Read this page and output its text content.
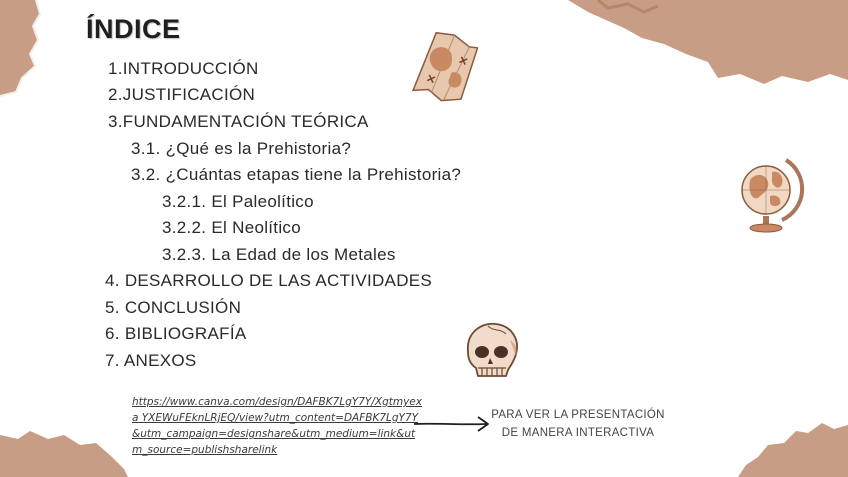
ÍNDICE
1.INTRODUCCIÓN
2.JUSTIFICACIÓN
3.FUNDAMENTACIÓN TEÓRICA
3.1. ¿Qué es la Prehistoria?
3.2. ¿Cuántas etapas tiene la Prehistoria?
3.2.1. El Paleolítico
3.2.2. El Neolítico
3.2.3. La Edad de los Metales
4. DESARROLLO DE LAS ACTIVIDADES
5. CONCLUSIÓN
6. BIBLIOGRAFÍA
7. ANEXOS
https://www.canva.com/design/DAFBK7LgY7Y/Xgtmyexa YXEWuFEknLRjEQ/view?utm_content=DAFBK7LgY7Y&utm_campaign=designshare&utm_medium=link&utm_source=publishsharelink
PARA VER LA PRESENTACIÓN
DE MANERA INTERACTIVA
